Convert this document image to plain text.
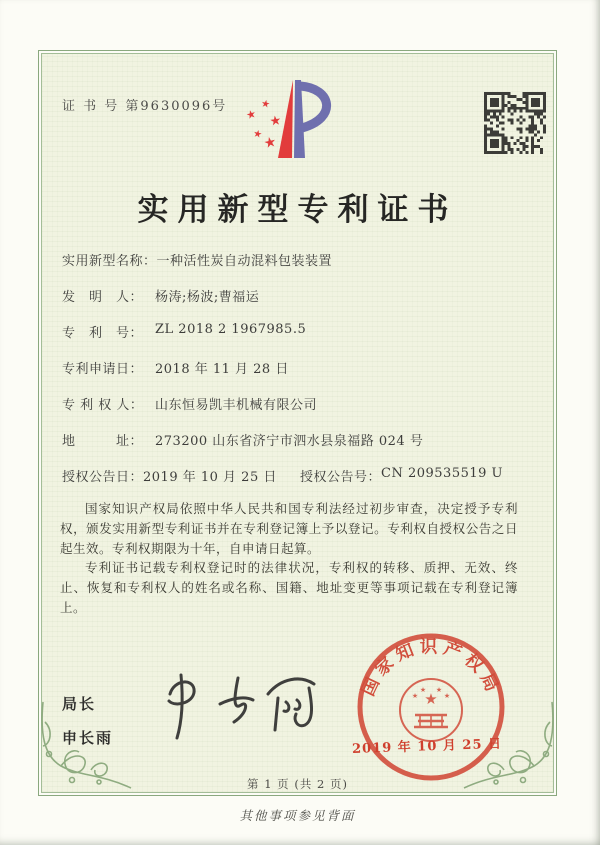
证 书 号 第9630096号
★
★
★
★ ★
实用新型专利证书
实用新型名称： 一种活性炭自动混料包装装置
发　明　人： 杨涛;杨波;曹福运
专　利　号： ZL 2018 2 1967985.5
专利申请日： 2018 年 11 月 28 日
专 利 权 人： 山东恒易凯丰机械有限公司
地　　　址： 273200 山东省济宁市泗水县泉福路 024 号
授权公告日： 2019 年 10 月 25 日 授权公告号： CN 209535519 U

国家知识产权局依照中华人民共和国专利法经过初步审查，决定授予专利权，颁发实用新型专利证书并在专利登记簿上予以登记。专利权自授权公告之日起生效。专利权期限为十年，自申请日起算。

专利证书记载专利权登记时的法律状况，专利权的转移、质押、无效、终止、恢复和专利权人的姓名或名称、国籍、地址变更等事项记载在专利登记簿上。

局长
申长雨
国家知识产权局
★
★
★ ★
★
2019 年 10 月 25 日
第 1 页 (共 2 页)
其他事项参见背面
